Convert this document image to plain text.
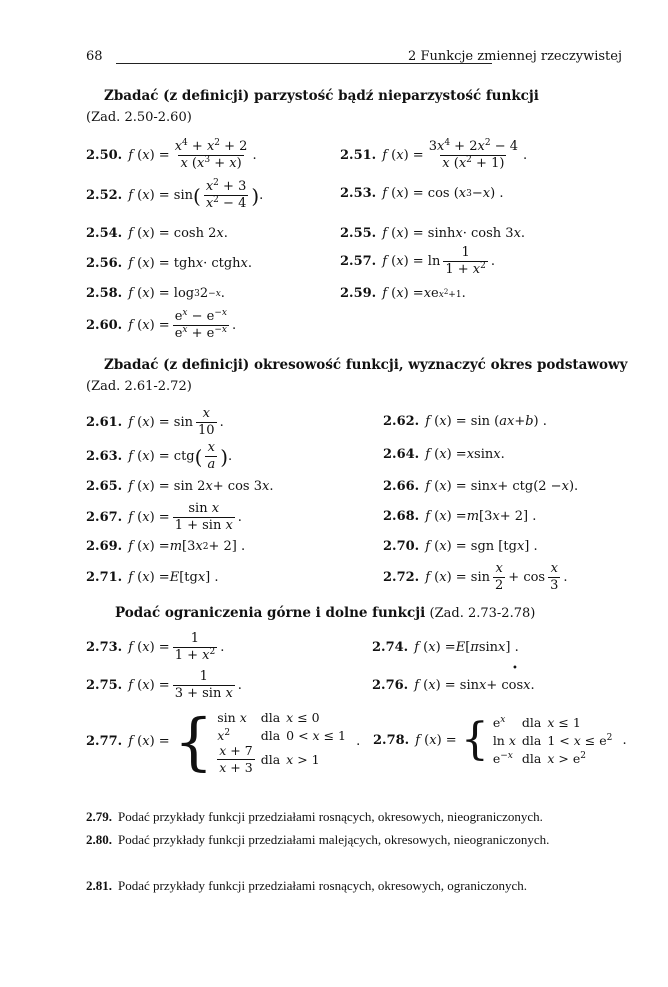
68	2 Funkcje zmiennej rzeczywistej
Zbadać (z definicji) parzystość bądź nieparzystość funkcji
(Zad. 2.50-2.60)
2.50. f ( x ) = $\frac{x^4 + x^2 + 2}{x (x^3 + x)}$ .	2.51. f ( x ) = $\frac{3x^4 + 2x^2 - 4}{x (x^2 + 1)}$ .
2.52. f ( x ) = sin ( $\frac{x^2 + 3}{x^2 - 4}$ ) .	2.53. f ( x ) = cos ( x 3 − x ) .
2.54. f ( x ) = cosh 2 x .	2.55. f ( x ) = sinh x · cosh 3 x .
2.56. f ( x ) = tgh x · ctgh x .	2.57. f ( x ) = $\ln \frac{1}{1 + x^2}$ .
2.58. f ( x ) = log 3 2 −x .	2.59. f ( x ) = x e $x^2+1$ .
2.60. f ( x ) = $\frac{e^x - e^{-x}}{e^x + e^{-x}}$ .
Zbadać (z definicji) okresowość funkcji, wyznaczyć okres podstawowy
(Zad. 2.61-2.72)
2.61. f ( x ) = $\sin \frac{x}{10}$ .	2.62. f ( x ) = sin ( ax + b ) .
2.63. f ( x ) = ctg ( $\frac{x}{a}$ ) .	2.64. f ( x ) = x sin x .
2.65. f ( x ) = sin 2 x + cos 3 x .	2.66. f ( x ) = sin x + ctg(2 − x ).
2.67. f ( x ) = $\frac{\text{sin x}}{\text{1 + sin x}}$ .	2.68. f ( x ) = m [3 x + 2] .
2.69. f ( x ) = m [3 x 2 + 2] .	2.70. f ( x ) = sgn [tg x ] .
2.71. f ( x ) = E [tg x ] .	2.72. f ( x ) = $\sin \frac{x}{2} + \cos \frac{x}{3}$ .
Podać ograniczenia górne i dolne funkcji (Zad. 2.73-2.78)
2.73. f ( x ) = $\frac{1}{1 + x^2}$ .	2.74. f ( x ) = E [ π sin x ] .
•
2.75. f ( x ) = $\frac{1}{\text{3 + sin x}}$ .	2.76. f ( x ) = sin x + cos x .
2.77. f ( x ) = { sin x	dla	x ≤ 0
$x^2$	dla	0 < x ≤ 1

$\frac{x + 7}{x + 3}$	dla	x > 1
. 2.78. f ( x ) = { $e^x$	dla	x ≤ 1
ln x	dla	$1 < x \le e^2$
$e^{-x}$	dla	$x > e^2$
.
2.79. Podać przykłady funkcji przedziałami rosnących, okresowych, nieograniczonych.
2.80. Podać przykłady funkcji przedziałami malejących, okresowych, nieograniczonych.
2.81. Podać przykłady funkcji przedziałami rosnących, okresowych, ograniczonych.
